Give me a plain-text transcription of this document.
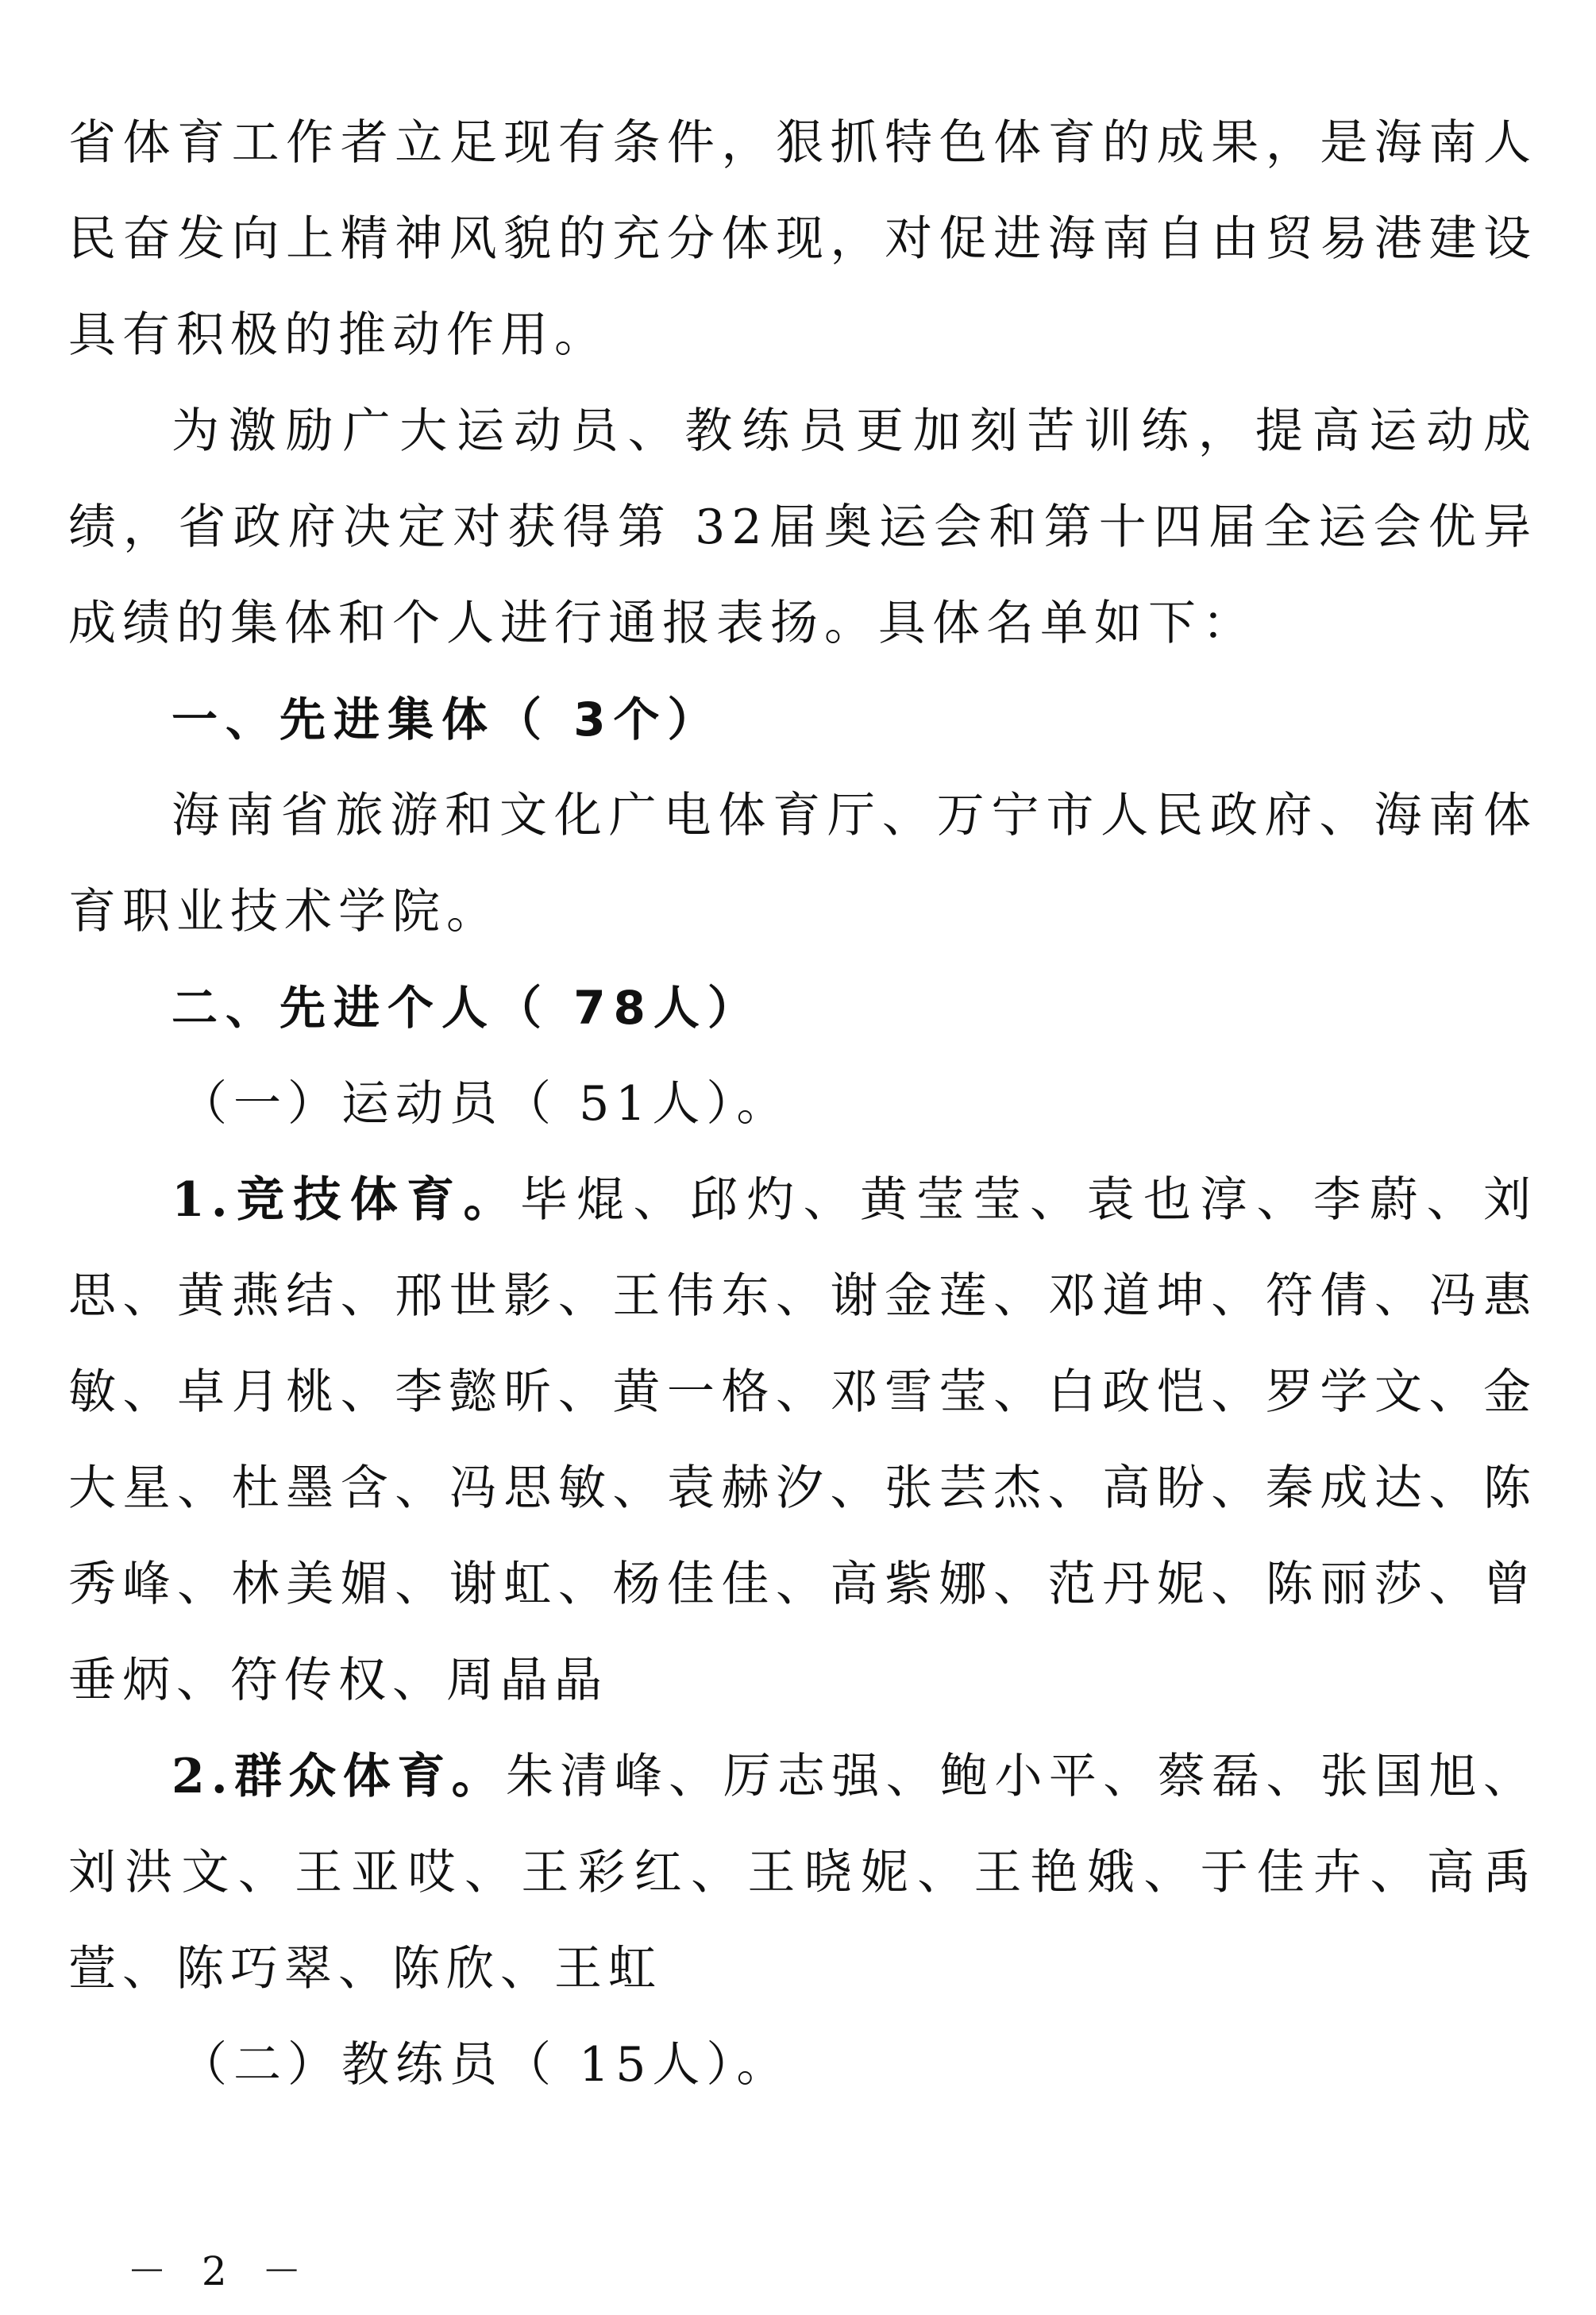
省体育工作者立足现有条件，狠抓特色体育的成果，是海南人民奋发向上精神风貌的充分体现，对促进海南自由贸易港建设具有积极的推动作用。

为激励广大运动员、教练员更加刻苦训练，提高运动成绩，省政府决定对获得第 32届奥运会和第十四届全运会优异成绩的集体和个人进行通报表扬。具体名单如下：

一、先进集体（ 3个）

海南省旅游和文化广电体育厅、万宁市人民政府、海南体育职业技术学院。

二、先进个人（ 78人）

（一）运动员（ 51人）。

1.竞技体育。毕焜、邱灼、黄莹莹、袁也淳、李蔚、刘思、黄燕结、邢世影、王伟东、谢金莲、邓道坤、符倩、冯惠敏、卓月桃、李懿昕、黄一格、邓雪莹、白政恺、罗学文、金大星、杜墨含、冯思敏、袁赫汐、张芸杰、高盼、秦成达、陈秀峰、林美媚、谢虹、杨佳佳、高紫娜、范丹妮、陈丽莎、曾垂炳、符传权、周晶晶

2.群众体育。朱清峰、厉志强、鲍小平、蔡磊、张国旭、刘洪文、王亚哎、王彩红、王晓妮、王艳娥、于佳卉、高禹萱、陈巧翠、陈欣、王虹

（二）教练员（ 15人）。

－ 2 －
